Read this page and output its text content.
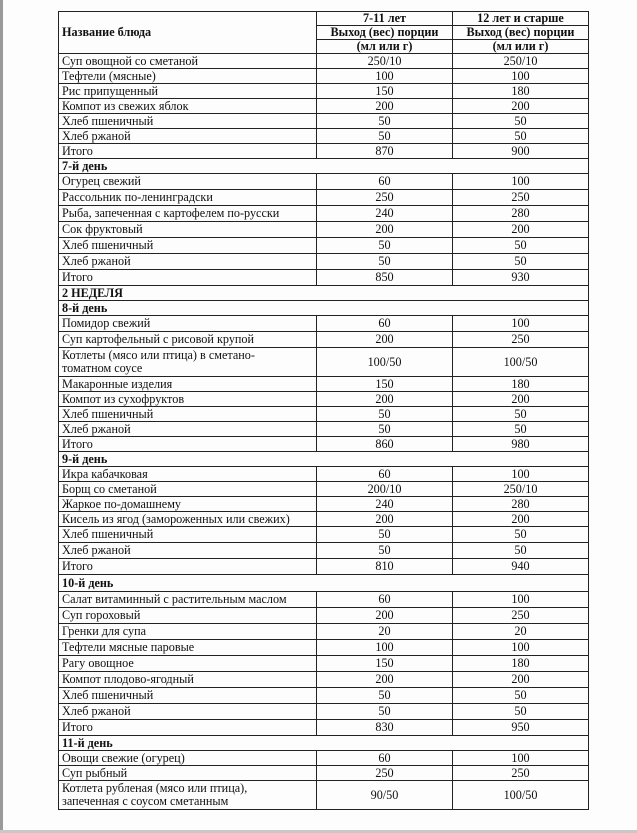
Название блюда	7-11 лет	12 лет и старше
	Выход (вес) порции	Выход (вес) порции
	(мл или г)	(мл или г)
Суп овощной со сметаной	250/10	250/10
Тефтели (мясные)	100	100
Рис припущенный	150	180
Компот из свежих яблок	200	200
Хлеб пшеничный	50	50
Хлеб ржаной	50	50
Итого	870	900
7-й день		
Огурец свежий	60	100
Рассольник по-ленинградски	250	250
Рыба, запеченная с картофелем по-русски	240	280
Сок фруктовый	200	200
Хлеб пшеничный	50	50
Хлеб ржаной	50	50
Итого	850	930
2 НЕДЕЛЯ		
8-й день		
Помидор свежий	60	100
Суп картофельный с рисовой крупой	200	250
Котлеты (мясо или птица) в сметано-
томатном соусе	100/50	100/50
Макаронные изделия	150	180
Компот из сухофруктов	200	200
Хлеб пшеничный	50	50
Хлеб ржаной	50	50
Итого	860	980
9-й день		
Икра кабачковая	60	100
Борщ со сметаной	200/10	250/10
Жаркое по-домашнему	240	280
Кисель из ягод (замороженных или свежих)	200	200
Хлеб пшеничный	50	50
Хлеб ржаной	50	50
Итого	810	940
10-й день		
Салат витаминный с растительным маслом	60	100
Суп гороховый	200	250
Гренки для супа	20	20
Тефтели мясные паровые	100	100
Рагу овощное	150	180
Компот плодово-ягодный	200	200
Хлеб пшеничный	50	50
Хлеб ржаной	50	50
Итого	830	950
11-й день		
Овощи свежие (огурец)	60	100
Суп рыбный	250	250
Котлета рубленая (мясо или птица),
запеченная с соусом сметанным	90/50	100/50
